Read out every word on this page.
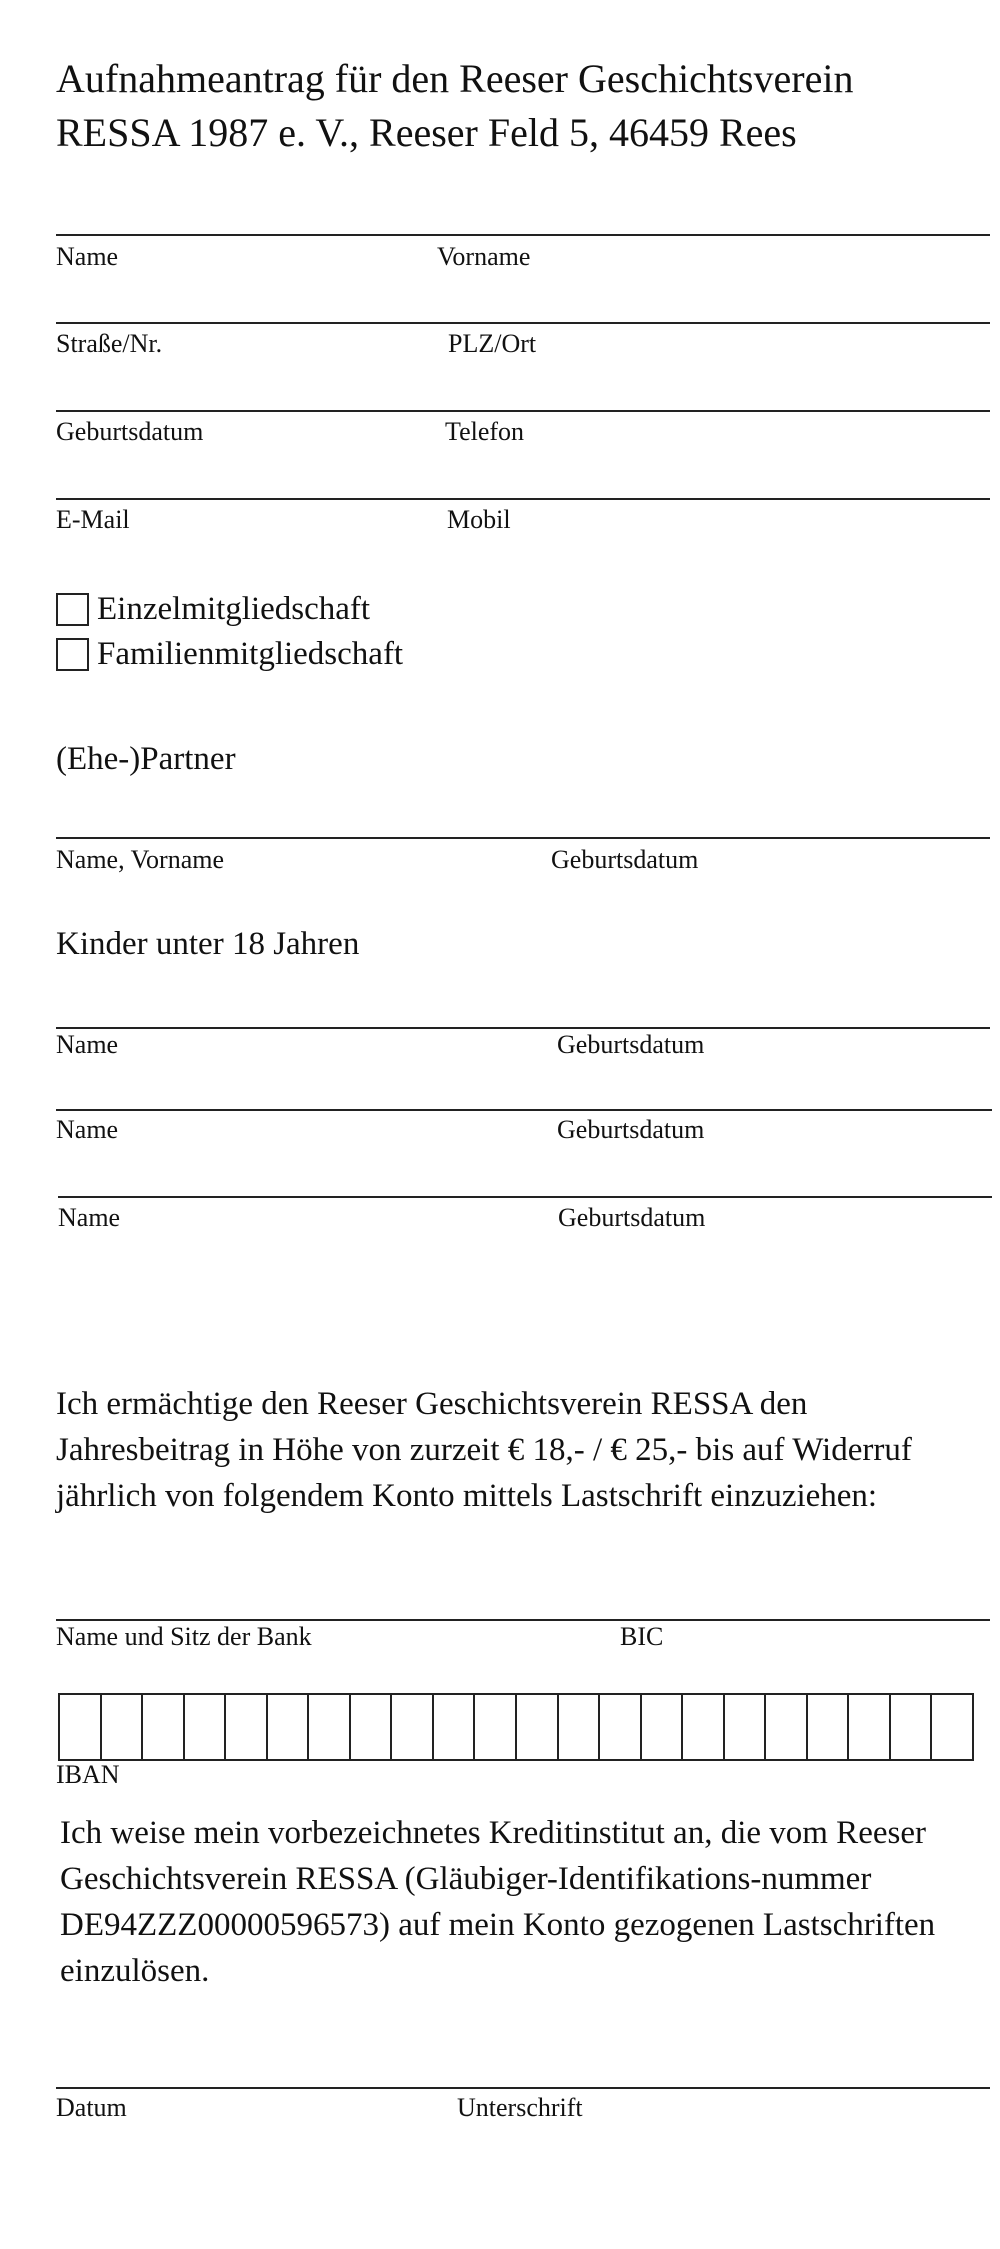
Aufnahmeantrag für den Reeser Geschichtsverein RESSA 1987 e. V., Reeser Feld 5, 46459 Rees
Name	Vorname
Straße/Nr.	PLZ/Ort
Geburtsdatum	Telefon
E-Mail	Mobil
Einzelmitgliedschaft
Familienmitgliedschaft
(Ehe-)Partner
Name, Vorname	Geburtsdatum
Kinder unter 18 Jahren
Name	Geburtsdatum
Name	Geburtsdatum
Name	Geburtsdatum
Ich ermächtige den Reeser Geschichtsverein RESSA den Jahresbeitrag in Höhe von zurzeit € 18,- / € 25,- bis auf Widerruf jährlich von folgendem Konto mittels Lastschrift einzuziehen:
Name und Sitz der Bank	BIC
IBAN
Ich weise mein vorbezeichnetes Kreditinstitut an, die vom Reeser Geschichtsverein RESSA (Gläubiger-Identifikations-nummer DE94ZZZ00000596573) auf mein Konto gezogenen Lastschriften einzulösen.
Datum	Unterschrift
